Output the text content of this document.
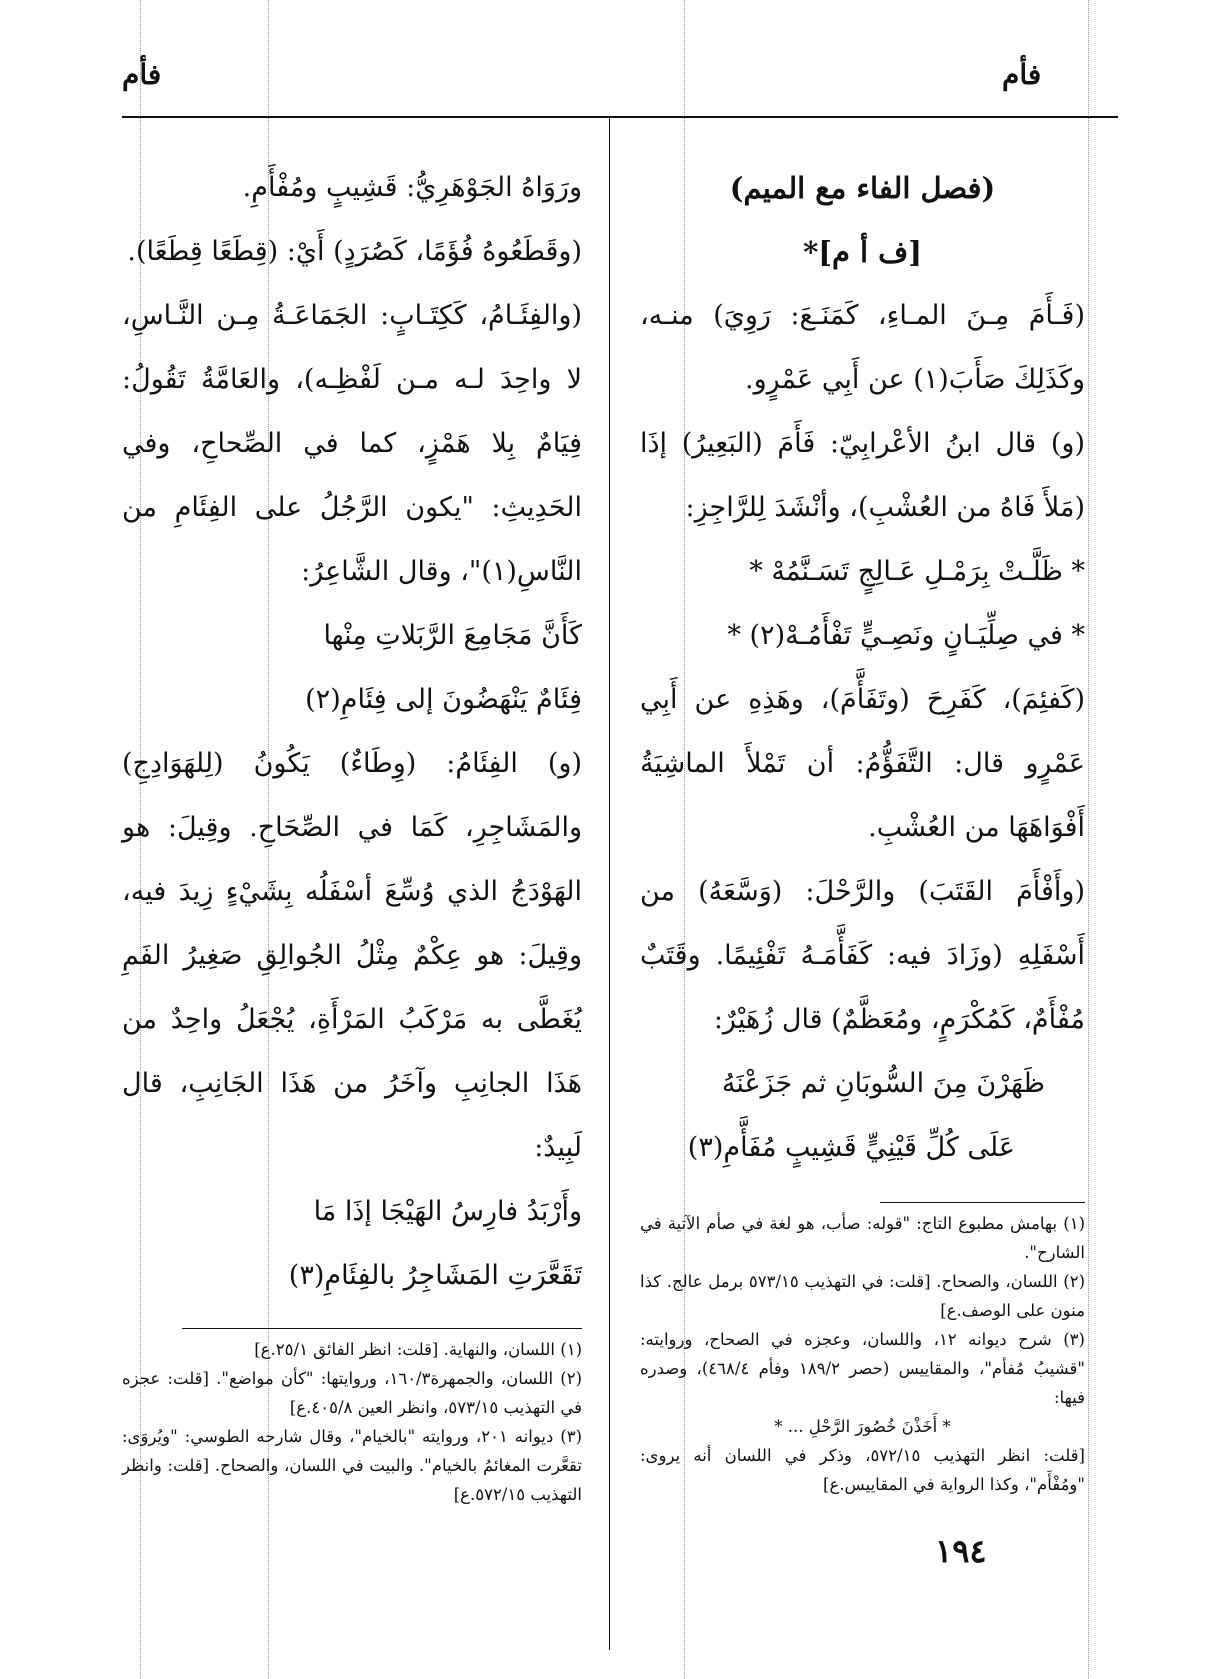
فأم
فأم

(فصل الفاء مع الميم)

[ف أ م]*

(فَـأَمَ مِـنَ المـاءِ، كَمَنَـعَ: رَوِيَ) منـه، وكَذَلِكَ صَأَبَ(١) عن أَبِي عَمْرٍو.

(و) قال ابنُ الأعْرابِيّ: فَأَمَ (البَعِيرُ) إذَا (مَلأَ فَاهُ من العُشْبِ)، وأنْشَدَ لِلرَّاجِزِ:

* ظَلَّـتْ بِرَمْـلِ عَـالِجٍ تَسَـنَّمُهْ *

* في صِلِّيَـانٍ ونَصِـيٍّ تَفْأَمُـهْ(٢) *

(كَفئِمَ)، كَفَرِحَ (وتَفَأَّمَ)، وهَذِهِ عن أَبِي عَمْرٍو قال: التَّفَؤُّمُ: أن تَمْلأَ الماشِيَةُ أَفْوَاهَهَا من العُشْبِ.

(وأَفْأَمَ القَتَبَ) والرَّحْلَ: (وَسَّعَهُ) من أَسْفَلِهِ (وزَادَ فيه: كَفَأَّمَـهُ تَفْئِيمًا. وقَتَبٌ مُفْأَمٌ، كَمُكْرَمٍ، ومُعَظَّمٌ) قال زُهَيْرٌ:

ظَهَرْنَ مِنَ السُّوبَانِ ثم جَزَعْنَهُ

عَلَى كُلِّ قَيْنِيٍّ قَشِيبٍ مُفَأَّمِ(٣)

(١) بهامش مطبوع التاج: "قوله: صأب، هو لغة في صأم الآتية في الشارح".

(٢) اللسان، والصحاح. [قلت: في التهذيب ٥٧٣/١٥ برمل عالج. كذا منون على الوصف.ع]

(٣) شرح ديوانه ١٢، واللسان، وعجزه في الصحاح، وروايته: "قشيبُ مُفأم"، والمقاييس (حصر ١٨٩/٢ وفأم ٤٦٨/٤)، وصدره فيها:

* أَخَذْنَ خُصُورَ الرَّحْلِ ... *

[قلت: انظر التهذيب ٥٧٢/١٥، وذكر في اللسان أنه يروى: "ومُفْأَم"، وكذا الرواية في المقاييس.ع]

ورَوَاهُ الجَوْهَرِيُّ: قَشِيبٍ ومُفْأَمِ.

(وقَطَعُوهُ فُؤَمًا، كَصُرَدٍ) أَيْ: (قِطَعًا قِطَعًا).

(والفِئَـامُ، كَكِتَـابٍ: الجَمَاعَـةُ مِـن النَّـاسِ، لا واحِدَ لـه مـن لَفْظِـه)، والعَامَّةُ تَقُولُ: فِيَامٌ بِلا هَمْزٍ، كما في الصِّحاحِ، وفي الحَدِيثِ: "يكون الرَّجُلُ على الفِئَامِ من النَّاسِ(١)"، وقال الشَّاعِرُ:

كَأَنَّ مَجَامِعَ الرَّبَلاتِ مِنْها

فِئَامٌ يَنْهَضُونَ إلى فِئَامِ(٢)

(و) الفِئَامُ: (وِطَاءٌ) يَكُونُ (لِلهَوَادِجِ) والمَشَاجِرِ، كَمَا في الصِّحَاحِ. وقِيلَ: هو الهَوْدَجُ الذي وُسِّعَ أسْفَلُه بِشَيْءٍ زِيدَ فيه، وقِيلَ: هو عِكْمٌ مِثْلُ الجُوالِقِ صَغِيرُ الفَمِ يُغَطَّى به مَرْكَبُ المَرْأَةِ، يُجْعَلُ واحِدٌ من هَذَا الجانِبِ وآخَرُ من هَذَا الجَانِبِ، قال لَبِيدٌ:

وأَرْبَدُ فارِسُ الهَيْجَا إذَا مَا

تَقَعَّرَتِ المَشَاجِرُ بالفِئَامِ(٣)

(١) اللسان، والنهاية. [قلت: انظر الفائق ٢٥/١.ع]

(٢) اللسان، والجمهرة١٦٠/٣، وروايتها: "كأن مواضع". [قلت: عجزه في التهذيب ٥٧٣/١٥، وانظر العين ٤٠٥/٨.ع]

(٣) ديوانه ٢٠١، وروايته "بالخيام"، وقال شارحه الطوسي: "ويُروَى: تقعَّرت المغائمُ بالخيام". والبيت في اللسان، والصحاح. [قلت: وانظر التهذيب ٥٧٢/١٥.ع]

١٩٤
